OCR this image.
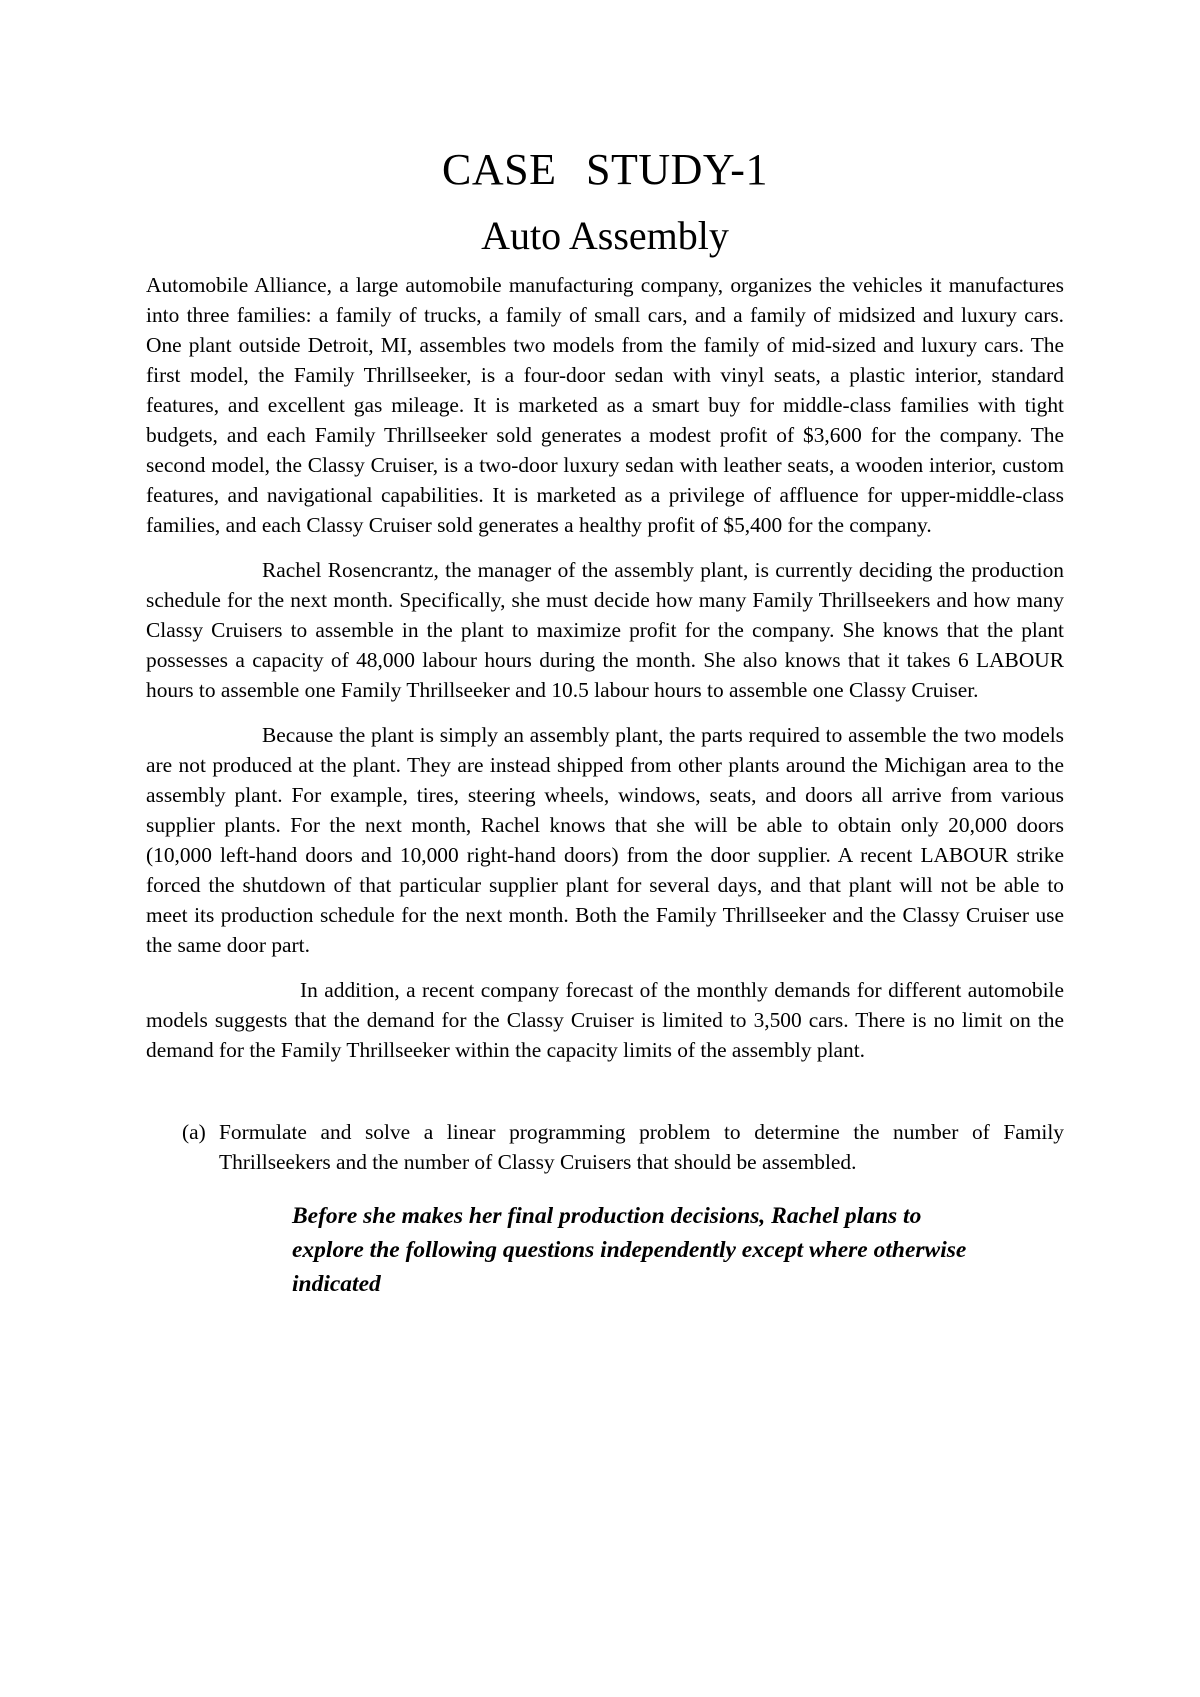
CASE STUDY-1
Auto Assembly

Automobile Alliance, a large automobile manufacturing company, organizes the vehicles it manufactures into three families: a family of trucks, a family of small cars, and a family of midsized and luxury cars. One plant outside Detroit, MI, assembles two models from the family of mid-sized and luxury cars. The first model, the Family Thrillseeker, is a four-door sedan with vinyl seats, a plastic interior, standard features, and excellent gas mileage. It is marketed as a smart buy for middle-class families with tight budgets, and each Family Thrillseeker sold generates a modest profit of $3,600 for the company. The second model, the Classy Cruiser, is a two-door luxury sedan with leather seats, a wooden interior, custom features, and navigational capabilities. It is marketed as a privilege of affluence for upper-middle-class families, and each Classy Cruiser sold generates a healthy profit of $5,400 for the company.

Rachel Rosencrantz, the manager of the assembly plant, is currently deciding the production schedule for the next month. Specifically, she must decide how many Family Thrillseekers and how many Classy Cruisers to assemble in the plant to maximize profit for the company. She knows that the plant possesses a capacity of 48,000 labour hours during the month. She also knows that it takes 6 LABOUR hours to assemble one Family Thrillseeker and 10.5 labour hours to assemble one Classy Cruiser.

Because the plant is simply an assembly plant, the parts required to assemble the two models are not produced at the plant. They are instead shipped from other plants around the Michigan area to the assembly plant. For example, tires, steering wheels, windows, seats, and doors all arrive from various supplier plants. For the next month, Rachel knows that she will be able to obtain only 20,000 doors (10,000 left-hand doors and 10,000 right-hand doors) from the door supplier. A recent LABOUR strike forced the shutdown of that particular supplier plant for several days, and that plant will not be able to meet its production schedule for the next month. Both the Family Thrillseeker and the Classy Cruiser use the same door part.

In addition, a recent company forecast of the monthly demands for different automobile models suggests that the demand for the Classy Cruiser is limited to 3,500 cars. There is no limit on the demand for the Family Thrillseeker within the capacity limits of the assembly plant.

(a) Formulate and solve a linear programming problem to determine the number of Family Thrillseekers and the number of Classy Cruisers that should be assembled.
Before she makes her final production decisions, Rachel plans to explore the following questions independently except where otherwise indicated
